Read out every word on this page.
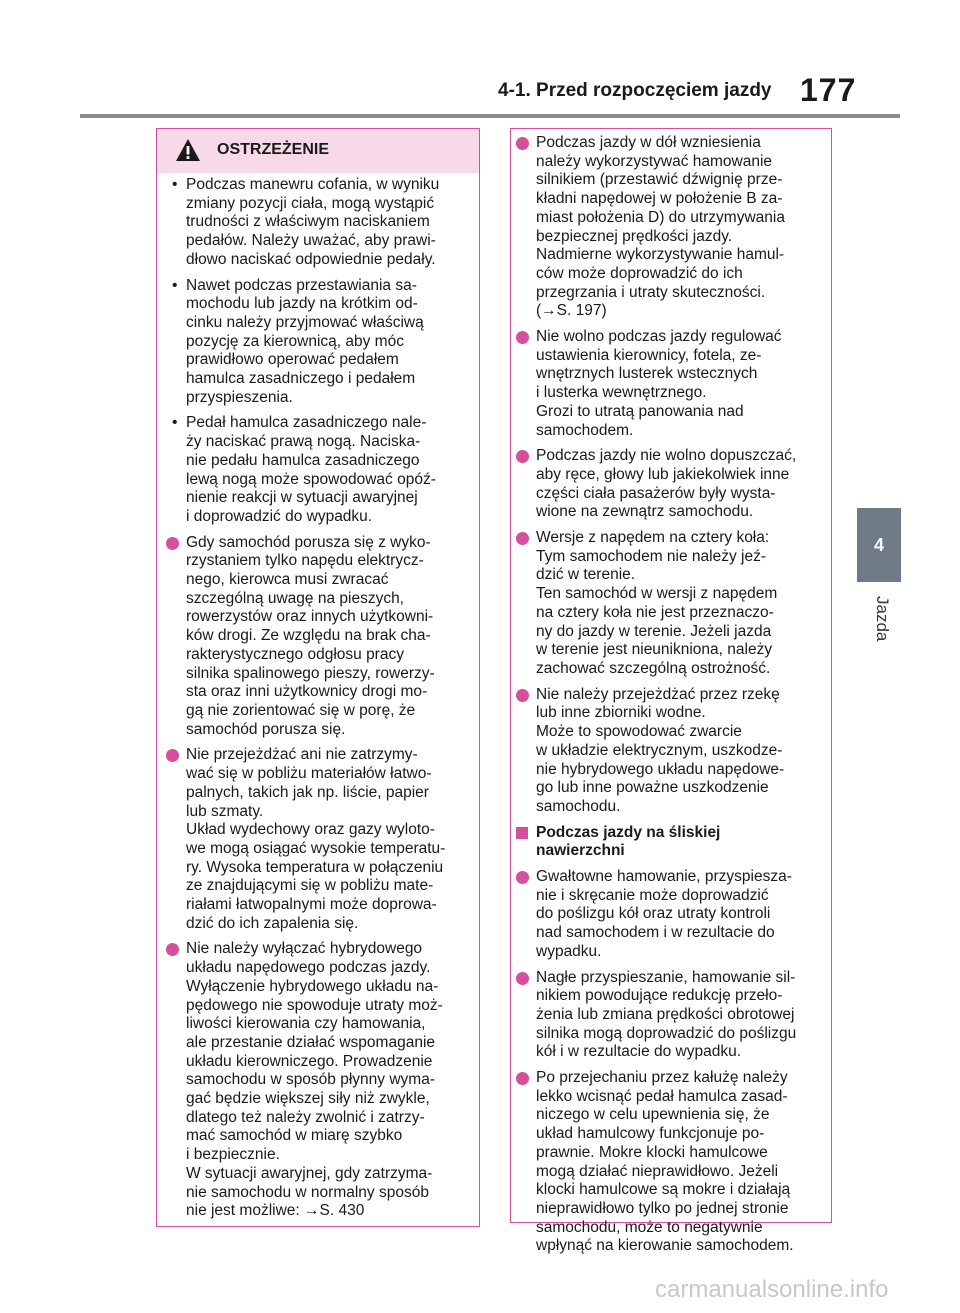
4-1. Przed rozpoczęciem jazdy 177
4
Jazda
OSTRZEŻENIE
• Podczas manewru cofania, w wyniku
zmiany pozycji ciała, mogą wystąpić
trudności z właściwym naciskaniem
pedałów. Należy uważać, aby prawi-
dłowo naciskać odpowiednie pedały.
• Nawet podczas przestawiania sa-
mochodu lub jazdy na krótkim od-
cinku należy przyjmować właściwą
pozycję za kierownicą, aby móc
prawidłowo operować pedałem
hamulca zasadniczego i pedałem
przyspieszenia.
• Pedał hamulca zasadniczego nale-
ży naciskać prawą nogą. Naciska-
nie pedału hamulca zasadniczego
lewą nogą może spowodować opóź-
nienie reakcji w sytuacji awaryjnej
i doprowadzić do wypadku.
Gdy samochód porusza się z wyko-
rzystaniem tylko napędu elektrycz-
nego, kierowca musi zwracać
szczególną uwagę na pieszych,
rowerzystów oraz innych użytkowni-
ków drogi. Ze względu na brak cha-
rakterystycznego odgłosu pracy
silnika spalinowego pieszy, rowerzy-
sta oraz inni użytkownicy drogi mo-
gą nie zorientować się w porę, że
samochód porusza się.
Nie przejeżdżać ani nie zatrzymy-
wać się w pobliżu materiałów łatwo-
palnych, takich jak np. liście, papier
lub szmaty.
Układ wydechowy oraz gazy wyloto-
we mogą osiągać wysokie temperatu-
ry. Wysoka temperatura w połączeniu
ze znajdującymi się w pobliżu mate-
riałami łatwopalnymi może doprowa-
dzić do ich zapalenia się.
Nie należy wyłączać hybrydowego
układu napędowego podczas jazdy.
Wyłączenie hybrydowego układu na-
pędowego nie spowoduje utraty moż-
liwości kierowania czy hamowania,
ale przestanie działać wspomaganie
układu kierowniczego. Prowadzenie
samochodu w sposób płynny wyma-
gać będzie większej siły niż zwykle,
dlatego też należy zwolnić i zatrzy-
mać samochód w miarę szybko
i bezpiecznie.
W sytuacji awaryjnej, gdy zatrzyma-
nie samochodu w normalny sposób
nie jest możliwe: →S. 430
Podczas jazdy w dół wzniesienia
należy wykorzystywać hamowanie
silnikiem (przestawić dźwignię prze-
kładni napędowej w położenie B za-
miast położenia D) do utrzymywania
bezpiecznej prędkości jazdy.
Nadmierne wykorzystywanie hamul-
ców może doprowadzić do ich
przegrzania i utraty skuteczności.
(→S. 197)
Nie wolno podczas jazdy regulować
ustawienia kierownicy, fotela, ze-
wnętrznych lusterek wstecznych
i lusterka wewnętrznego.
Grozi to utratą panowania nad
samochodem.
Podczas jazdy nie wolno dopuszczać,
aby ręce, głowy lub jakiekolwiek inne
części ciała pasażerów były wysta-
wione na zewnątrz samochodu.
Wersje z napędem na cztery koła:
Tym samochodem nie należy jeź-
dzić w terenie.
Ten samochód w wersji z napędem
na cztery koła nie jest przeznaczo-
ny do jazdy w terenie. Jeżeli jazda
w terenie jest nieunikniona, należy
zachować szczególną ostrożność.
Nie należy przejeżdżać przez rzekę
lub inne zbiorniki wodne.
Może to spowodować zwarcie
w układzie elektrycznym, uszkodze-
nie hybrydowego układu napędowe-
go lub inne poważne uszkodzenie
samochodu.
Podczas jazdy na śliskiej
nawierzchni
Gwałtowne hamowanie, przyspiesza-
nie i skręcanie może doprowadzić
do poślizgu kół oraz utraty kontroli
nad samochodem i w rezultacie do
wypadku.
Nagłe przyspieszanie, hamowanie sil-
nikiem powodujące redukcję przeło-
żenia lub zmiana prędkości obrotowej
silnika mogą doprowadzić do poślizgu
kół i w rezultacie do wypadku.
Po przejechaniu przez kałużę należy
lekko wcisnąć pedał hamulca zasad-
niczego w celu upewnienia się, że
układ hamulcowy funkcjonuje po-
prawnie. Mokre klocki hamulcowe
mogą działać nieprawidłowo. Jeżeli
klocki hamulcowe są mokre i działają
nieprawidłowo tylko po jednej stronie
samochodu, może to negatywnie
wpłynąć na kierowanie samochodem.
carmanualsonline.info
